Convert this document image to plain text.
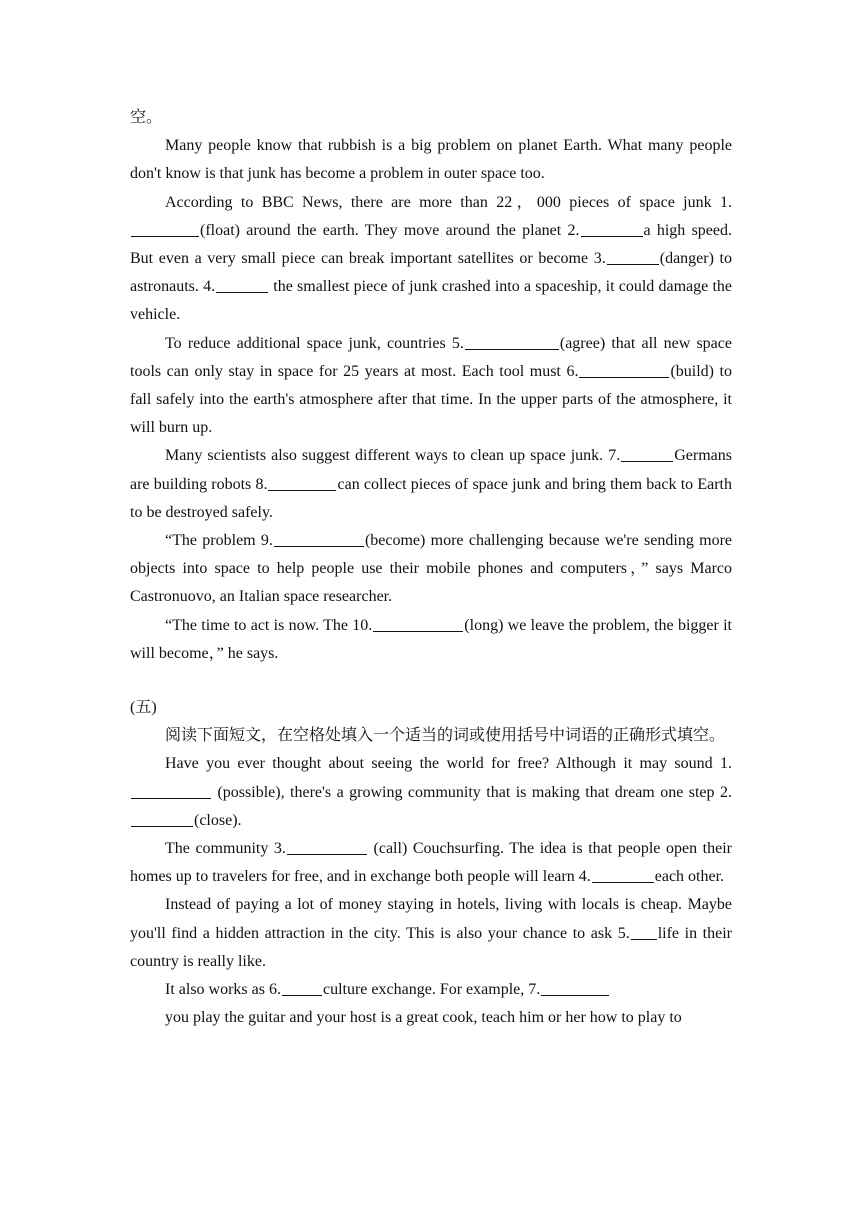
空。

Many people know that rubbish is a big problem on planet Earth. What many people don't know is that junk has become a problem in outer space too.

According to BBC News, there are more than 22，000 pieces of space junk 1. (float) around the earth. They move around the planet 2.	a high speed. But even a very small piece can break important satellites or become 3.	(danger) to astronauts. 4.	the smallest piece of junk crashed into a spaceship, it could damage the vehicle.

To reduce additional space junk, countries 5.	(agree) that all new space tools can only stay in space for 25 years at most. Each tool must 6.	(build) to fall safely into the earth's atmosphere after that time. In the upper parts of the atmosphere, it will burn up.

Many scientists also suggest different ways to clean up space junk. 7.	Germans are building robots 8.	can collect pieces of space junk and bring them back to Earth to be destroyed safely.

“The problem 9.	(become) more challenging because we're sending more objects into space to help people use their mobile phones and computers，” says Marco Castronuovo, an Italian space researcher.

“The time to act is now. The 10.	(long) we leave the problem, the bigger it will become，” he says.

(五)

阅读下面短文，在空格处填入一个适当的词或使用括号中词语的正确形式填空。

Have you ever thought about seeing the world for free? Although it may sound 1. (possible), there's a growing community that is making that dream one step 2.(close).

The community 3.	(call) Couchsurfing. The idea is that people open their homes up to travelers for free, and in exchange both people will learn 4.	each other.

Instead of paying a lot of money staying in hotels, living with locals is cheap. Maybe you'll find a hidden attraction in the city. This is also your chance to ask 5. life in their country is really like.

It also works as 6.	culture exchange. For example, 7.

you play the guitar and your host is a great cook, teach him or her how to play to
